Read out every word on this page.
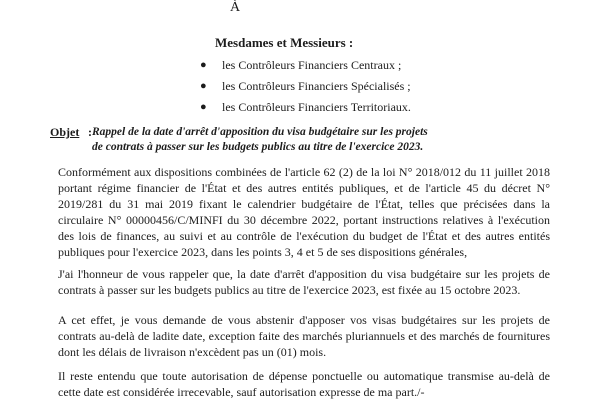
À
Mesdames et Messieurs :
● les Contrôleurs Financiers Centraux ;
● les Contrôleurs Financiers Spécialisés ;
● les Contrôleurs Financiers Territoriaux.
Objet : Rappel de la date d'arrêt d'apposition du visa budgétaire sur les projets
de contrats à passer sur les budgets publics au titre de l'exercice 2023.
Conformément aux dispositions combinées de l'article 62 (2) de la loi N° 2018/012 du 11 juillet 2018
portant régime financier de l'État et des autres entités publiques, et de l'article 45 du décret N°
2019/281 du 31 mai 2019 fixant le calendrier budgétaire de l'État, telles que précisées dans la
circulaire N° 00000456/C/MINFI du 30 décembre 2022, portant instructions relatives à l'exécution
des lois de finances, au suivi et au contrôle de l'exécution du budget de l'État et des autres entités
publiques pour l'exercice 2023, dans les points 3, 4 et 5 de ses dispositions générales,
J'ai l'honneur de vous rappeler que, la date d'arrêt d'apposition du visa budgétaire sur les projets de
contrats à passer sur les budgets publics au titre de l'exercice 2023, est fixée au 15 octobre 2023.
A cet effet, je vous demande de vous abstenir d'apposer vos visas budgétaires sur les projets de
contrats au-delà de ladite date, exception faite des marchés pluriannuels et des marchés de fournitures
dont les délais de livraison n'excèdent pas un (01) mois.
Il reste entendu que toute autorisation de dépense ponctuelle ou automatique transmise au-delà de
cette date est considérée irrecevable, sauf autorisation expresse de ma part./-
